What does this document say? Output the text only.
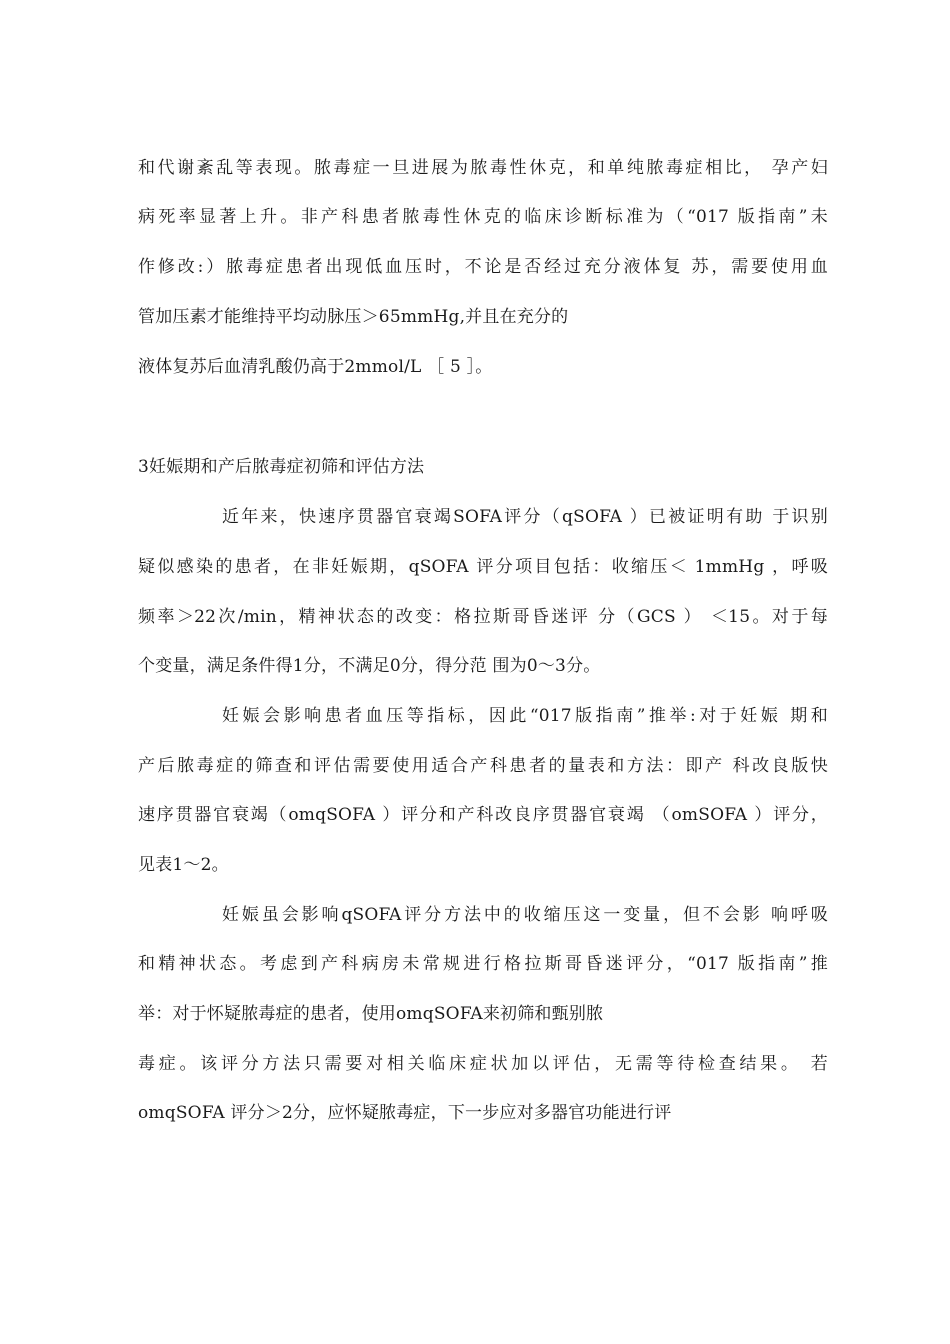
和代谢紊乱等表现。脓毒症一旦进展为脓毒性休克，和单纯脓毒症相比， 孕产妇
病死率显著上升。非产科患者脓毒性休克的临床诊断标准为（“017 版指南”未
作修改:）脓毒症患者出现低血压时，不论是否经过充分液体复 苏，需要使用血
管加压素才能维持平均动脉压＞65mmHg,并且在充分的
液体复苏后血清乳酸仍高于2mmol/L ［ 5 ］。
3妊娠期和产后脓毒症初筛和评估方法
近年来，快速序贯器官衰竭SOFA评分（qSOFA ）已被证明有助 于识别
疑似感染的患者，在非妊娠期，qSOFA 评分项目包括：收缩压＜ 1mmHg ，呼吸
频率＞22次/min，精神状态的改变：格拉斯哥昏迷评 分（GCS ） ＜15。对于每
个变量，满足条件得1分，不满足0分，得分范 围为0〜3分。
妊娠会影响患者血压等指标，因此“017版指南”推举:对于妊娠 期和
产后脓毒症的筛查和评估需要使用适合产科患者的量表和方法：即产 科改良版快
速序贯器官衰竭（omqSOFA ）评分和产科改良序贯器官衰竭 （omSOFA ）评分，
见表1〜2。
妊娠虽会影响qSOFA评分方法中的收缩压这一变量，但不会影 响呼吸
和精神状态。考虑到产科病房未常规进行格拉斯哥昏迷评分，“017 版指南”推
举：对于怀疑脓毒症的患者，使用omqSOFA来初筛和甄别脓
毒症。该评分方法只需要对相关临床症状加以评估，无需等待检查结果。 若
omqSOFA 评分＞2分，应怀疑脓毒症，下一步应对多器官功能进行评
